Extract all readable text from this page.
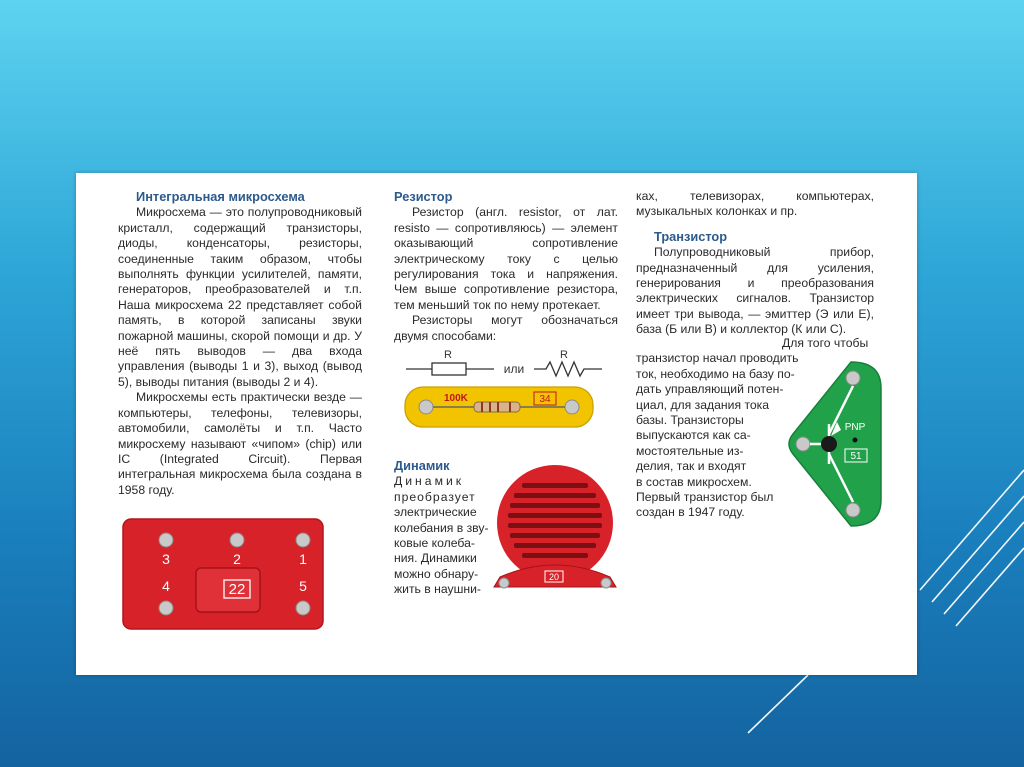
Интегральная микросхема

Микросхема — это полупроводниковый кристалл, содержащий транзисторы, диоды, конденсаторы, резисторы, соединенные таким образом, чтобы выполнять функции усилителей, памяти, генераторов, преобразователей и т.п. Наша микросхема 22 представляет собой память, в которой записаны звуки пожарной машины, скорой помощи и др. У неё пять выводов — два входа управления (выводы 1 и 3), выход (вывод 5), выводы питания (выводы 2 и 4).

Микросхемы есть практически везде — компьютеры, телефоны, телевизоры, автомобили, самолёты и т.п. Часто микросхему называют «чипом» (chip) или IC (Integrated Circuit). Первая интегральная микросхема была создана в 1958 году.

22
3	2	1
4	5
Резистор

Резистор (англ. resistor, от лат. resisto — сопротивляюсь) — элемент оказывающий сопротивление электрическому току с целью регулирования тока и напряжения. Чем выше сопротивление резистора, тем меньший ток по нему протекает.

Резисторы могут обозначаться двумя способами:

R
или
R
100K	34
Динамик
Динамик
преобразует
электрические
колебания в зву-
ковые колеба-
ния. Динамики
можно обнару-
жить в наушни-
20

ках, телевизорах, компьютерах, музыкальных колонках и пр.

Транзистор

Полупроводниковый прибор, предназначенный для усиления, генерирования и преобразования электрических сигналов. Транзистор имеет три вывода, — эмиттер (Э или E), база (Б или B) и коллектор (К или C).

Для того чтобы
транзистор начал проводить
ток, необходимо на базу по-
дать управляющий потен-
циал, для задания тока
базы. Транзисторы
выпускаются как са-
мостоятельные из-
делия, так и входят
в состав микросхем.
Первый транзистор был
создан в 1947 году.
PNP
51
